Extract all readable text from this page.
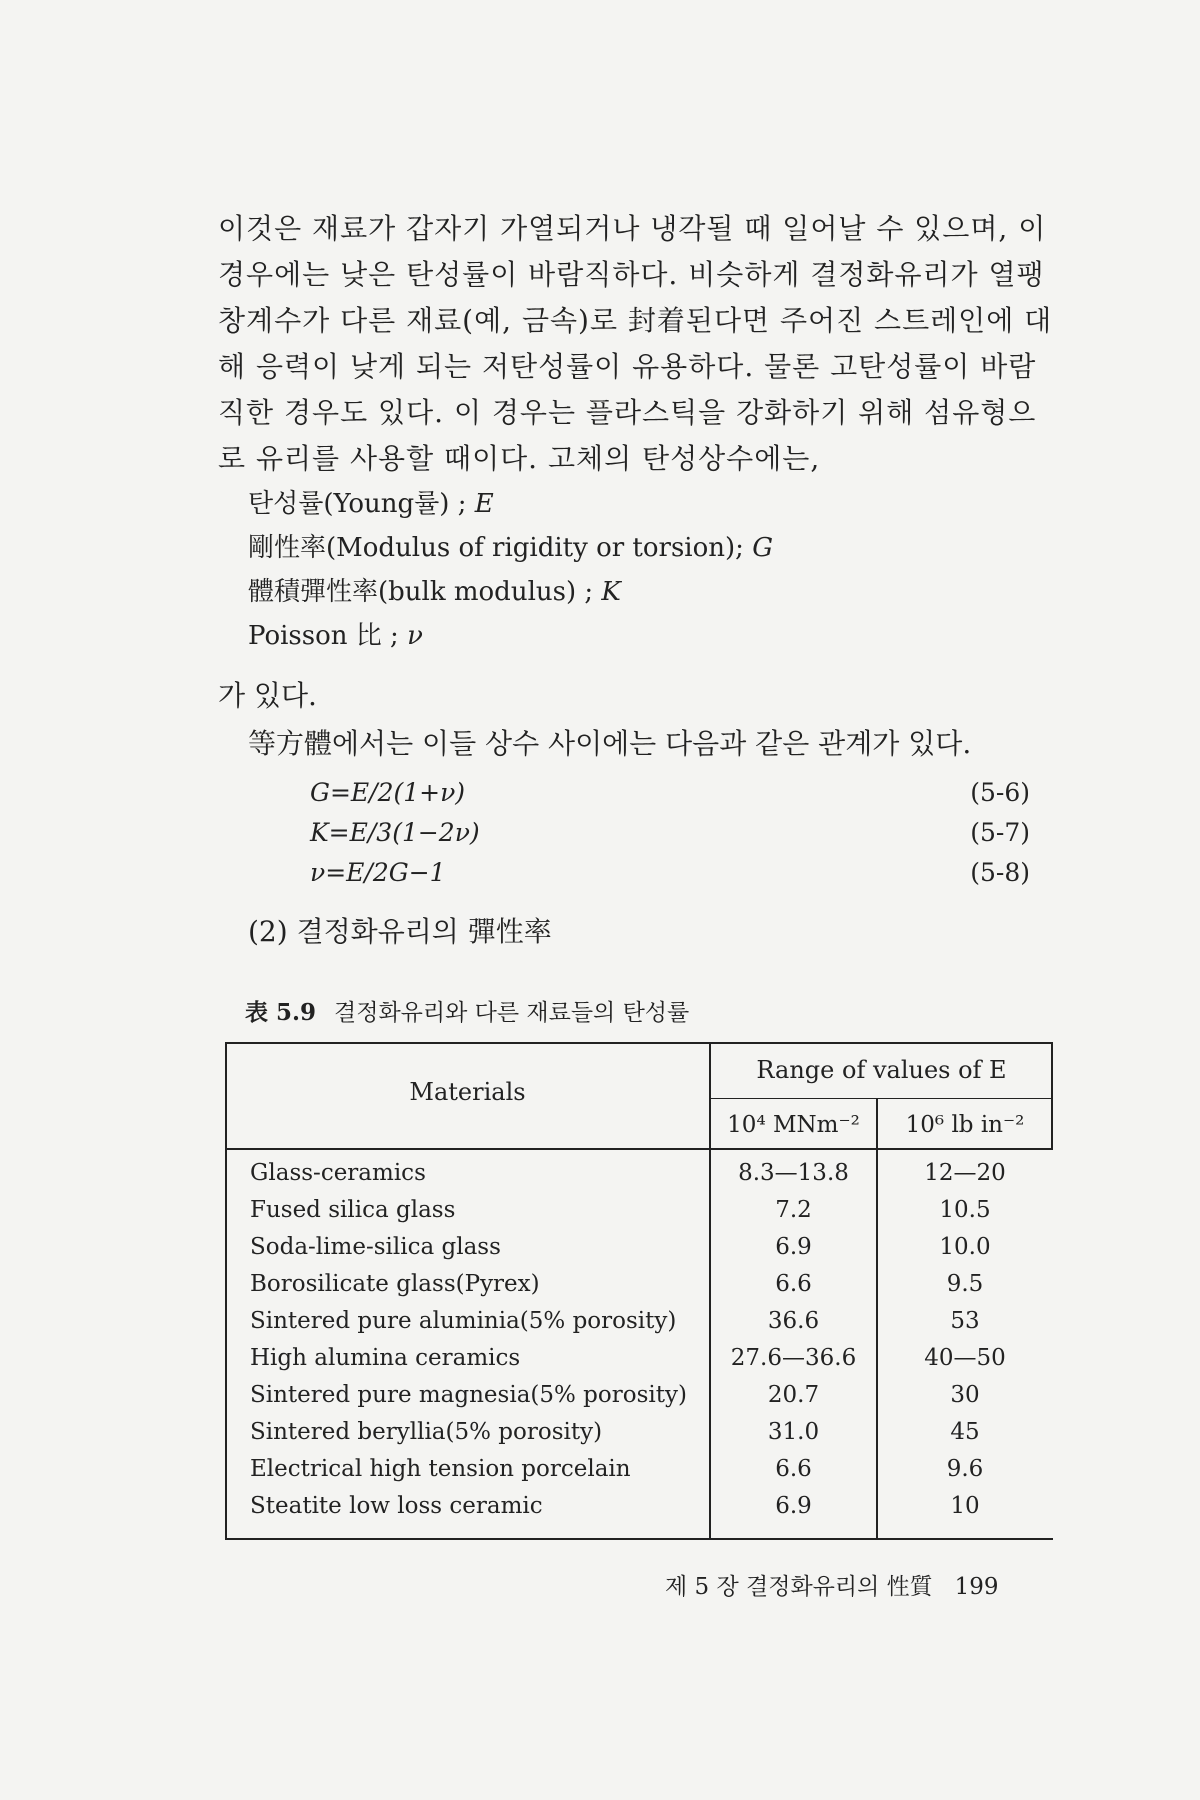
이것은 재료가 갑자기 가열되거나 냉각될 때 일어날 수 있으며, 이
경우에는 낮은 탄성률이 바람직하다. 비슷하게 결정화유리가 열팽
창계수가 다른 재료(예, 금속)로 封着된다면 주어진 스트레인에 대
해 응력이 낮게 되는 저탄성률이 유용하다. 물론 고탄성률이 바람
직한 경우도 있다. 이 경우는 플라스틱을 강화하기 위해 섬유형으
로 유리를 사용할 때이다. 고체의 탄성상수에는,
탄성률(Young률) ; E
剛性率(Modulus of rigidity or torsion); G
體積彈性率(bulk modulus) ; K
Poisson 比 ; ν
가 있다.
等方體에서는 이들 상수 사이에는 다음과 같은 관계가 있다.
G=E/2(1+ν)	(5-6)
K=E/3(1−2ν)	(5-7)
ν=E/2G−1	(5-8)
(2) 결정화유리의 彈性率
表 5.9 결정화유리와 다른 재료들의 탄성률
Materials
Range of values of E
10⁴ MNm⁻²	10⁶ lb in⁻²
Glass-ceramics	8.3—13.8	12—20
Fused silica glass	7.2	10.5
Soda-lime-silica glass	6.9	10.0
Borosilicate glass(Pyrex)	6.6	9.5
Sintered pure aluminia(5% porosity)	36.6	53
High alumina ceramics	27.6—36.6	40—50
Sintered pure magnesia(5% porosity)	20.7	30
Sintered beryllia(5% porosity)	31.0	45
Electrical high tension porcelain	6.6	9.6
Steatite low loss ceramic	6.9	10
제 5 장 결정화유리의 性質 199
